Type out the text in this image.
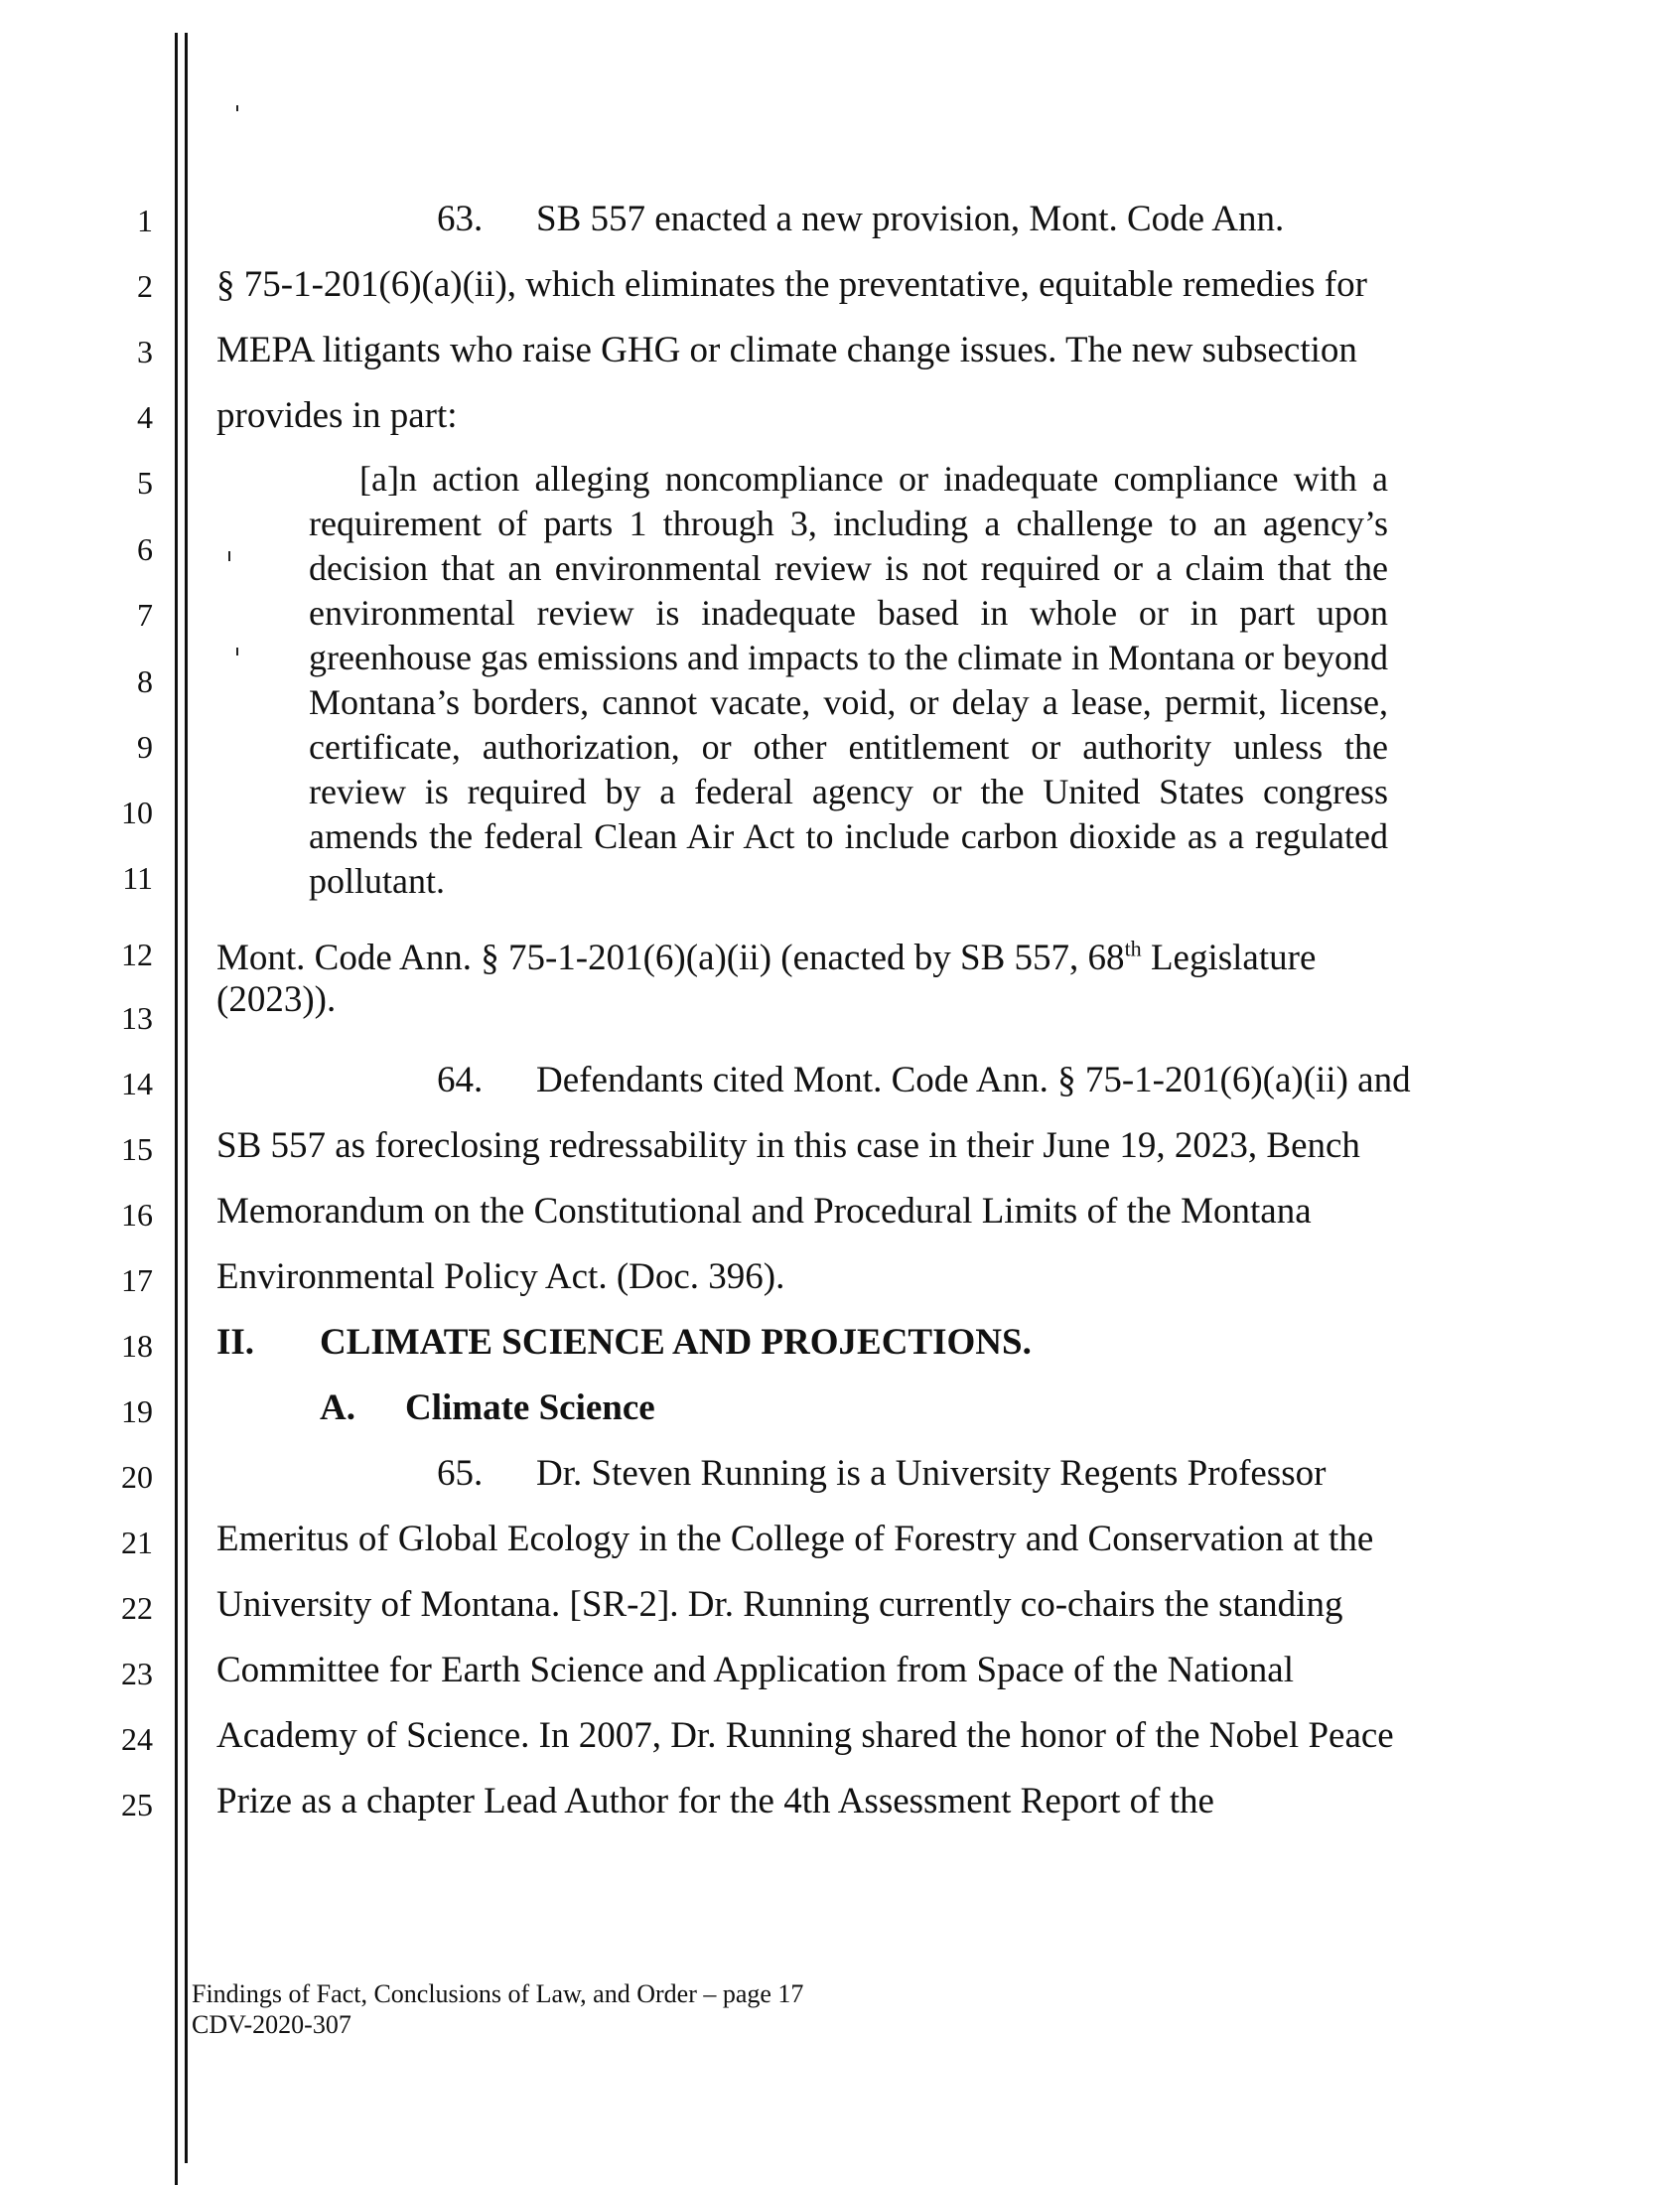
1
2
3
4
5
6
7
8
9
10
11
12
13
14
15
16
17
18
19
20
21
22
23
24
25
63. SB 557 enacted a new provision, Mont. Code Ann.
§ 75-1-201(6)(a)(ii), which eliminates the preventative, equitable remedies for
MEPA litigants who raise GHG or climate change issues. The new subsection
provides in part:

[a]n action alleging noncompliance or inadequate compliance with a requirement of parts 1 through 3, including a challenge to an agency’s decision that an environmental review is not required or a claim that the environmental review is inadequate based in whole or in part upon greenhouse gas emissions and impacts to the climate in Montana or beyond Montana’s borders, cannot vacate, void, or delay a lease, permit, license, certificate, authorization, or other entitlement or authority unless the review is required by a federal agency or the United States congress amends the federal Clean Air Act to include carbon dioxide as a regulated pollutant.

Mont. Code Ann. § 75-1-201(6)(a)(ii) (enacted by SB 557, 68th Legislature
(2023)).
64. Defendants cited Mont. Code Ann. § 75-1-201(6)(a)(ii) and
SB 557 as foreclosing redressability in this case in their June 19, 2023, Bench
Memorandum on the Constitutional and Procedural Limits of the Montana
Environmental Policy Act. (Doc. 396).
II. CLIMATE SCIENCE AND PROJECTIONS.
A. Climate Science
65. Dr. Steven Running is a University Regents Professor
Emeritus of Global Ecology in the College of Forestry and Conservation at the
University of Montana. [SR-2]. Dr. Running currently co-chairs the standing
Committee for Earth Science and Application from Space of the National
Academy of Science. In 2007, Dr. Running shared the honor of the Nobel Peace
Prize as a chapter Lead Author for the 4th Assessment Report of the
Findings of Fact, Conclusions of Law, and Order – page 17
CDV-2020-307
